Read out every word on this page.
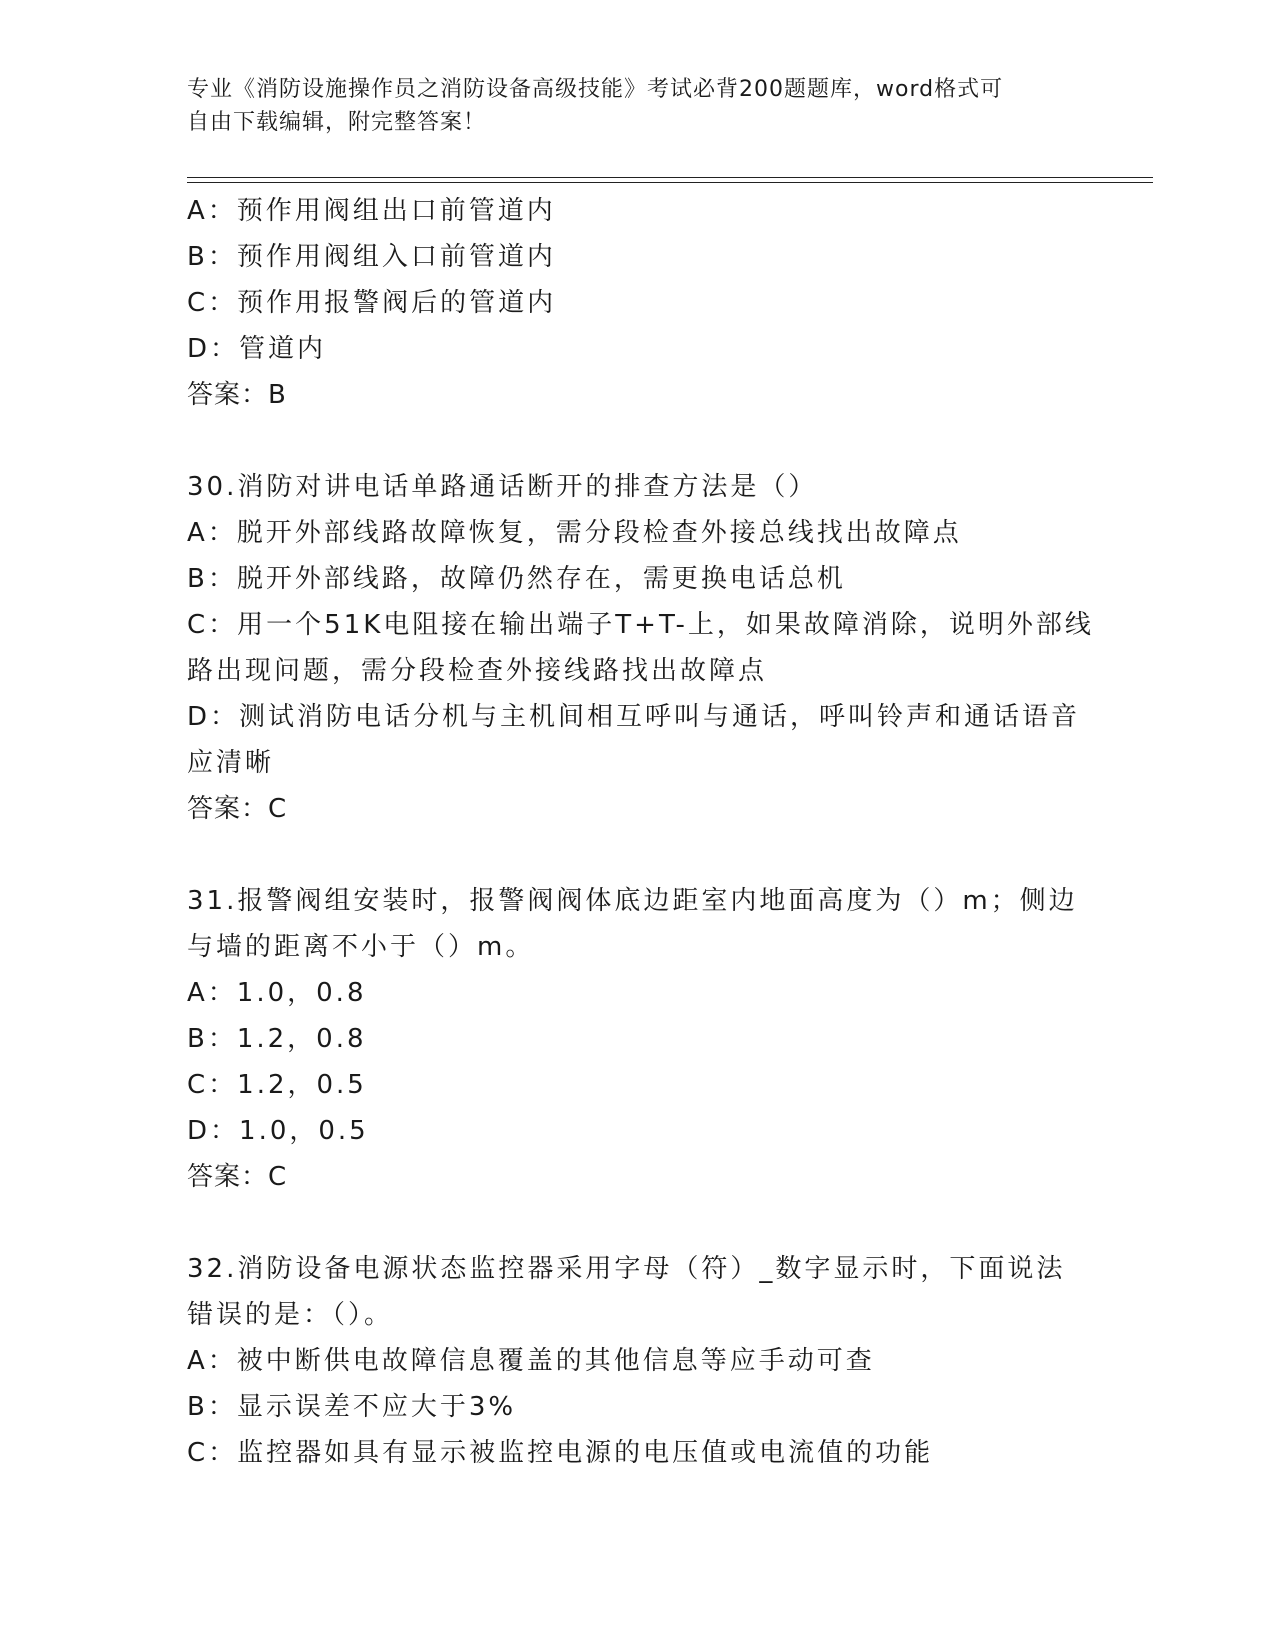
专业《消防设施操作员之消防设备高级技能》考试必背200题题库，word格式可
自由下载编辑，附完整答案！
A：预作用阀组出口前管道内
B：预作用阀组入口前管道内
C：预作用报警阀后的管道内
D：管道内
答案：B
30.消防对讲电话单路通话断开的排查方法是（）
A：脱开外部线路故障恢复，需分段检查外接总线找出故障点
B：脱开外部线路，故障仍然存在，需更换电话总机
C：用一个51K电阻接在输出端子T+T-上，如果故障消除，说明外部线
路出现问题，需分段检查外接线路找出故障点
D：测试消防电话分机与主机间相互呼叫与通话，呼叫铃声和通话语音
应清晰
答案：C
31.报警阀组安装时，报警阀阀体底边距室内地面高度为（）m；侧边
与墙的距离不小于（）m。
A：1.0，0.8
B：1.2，0.8
C：1.2，0.5
D：1.0，0.5
答案：C
32.消防设备电源状态监控器采用字母（符）_数字显示时，下面说法
错误的是：（）。
A：被中断供电故障信息覆盖的其他信息等应手动可查
B：显示误差不应大于3%
C：监控器如具有显示被监控电源的电压值或电流值的功能
